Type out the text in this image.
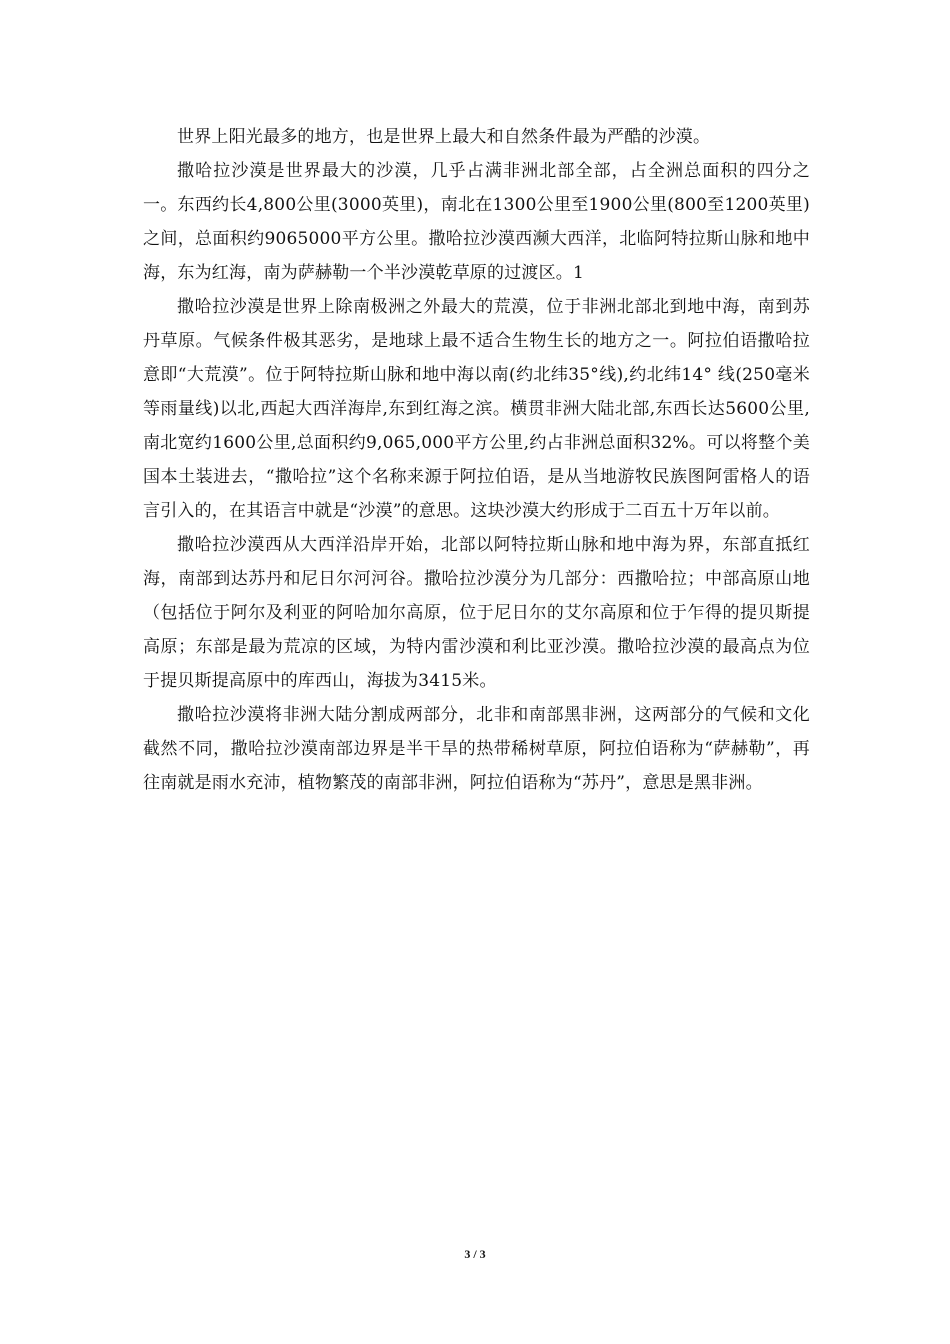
世界上阳光最多的地方，也是世界上最大和自然条件最为严酷的沙漠。

撒哈拉沙漠是世界最大的沙漠，几乎占满非洲北部全部，占全洲总面积的四分之一。东西约长4,800公里(3000英里)，南北在1300公里至1900公里(800至1200英里)之间，总面积约9065000平方公里。撒哈拉沙漠西濒大西洋，北临阿特拉斯山脉和地中海，东为红海，南为萨赫勒一个半沙漠乾草原的过渡区。1

撒哈拉沙漠是世界上除南极洲之外最大的荒漠，位于非洲北部北到地中海，南到苏丹草原。气候条件极其恶劣，是地球上最不适合生物生长的地方之一。阿拉伯语撒哈拉意即“大荒漠”。位于阿特拉斯山脉和地中海以南(约北纬35°线),约北纬14° 线(250毫米等雨量线)以北,西起大西洋海岸,东到红海之滨。横贯非洲大陆北部,东西长达5600公里,南北宽约1600公里,总面积约9,065,000平方公里,约占非洲总面积32%。可以将整个美国本土装进去，“撒哈拉”这个名称来源于阿拉伯语，是从当地游牧民族图阿雷格人的语言引入的，在其语言中就是“沙漠”的意思。这块沙漠大约形成于二百五十万年以前。

撒哈拉沙漠西从大西洋沿岸开始，北部以阿特拉斯山脉和地中海为界，东部直抵红海，南部到达苏丹和尼日尔河河谷。撒哈拉沙漠分为几部分：西撒哈拉；中部高原山地（包括位于阿尔及利亚的阿哈加尔高原，位于尼日尔的艾尔高原和位于乍得的提贝斯提高原；东部是最为荒凉的区域，为特内雷沙漠和利比亚沙漠。撒哈拉沙漠的最高点为位于提贝斯提高原中的库西山，海拔为3415米。

撒哈拉沙漠将非洲大陆分割成两部分，北非和南部黑非洲，这两部分的气候和文化截然不同，撒哈拉沙漠南部边界是半干旱的热带稀树草原，阿拉伯语称为“萨赫勒”，再往南就是雨水充沛，植物繁茂的南部非洲，阿拉伯语称为“苏丹”，意思是黑非洲。

3 / 3
